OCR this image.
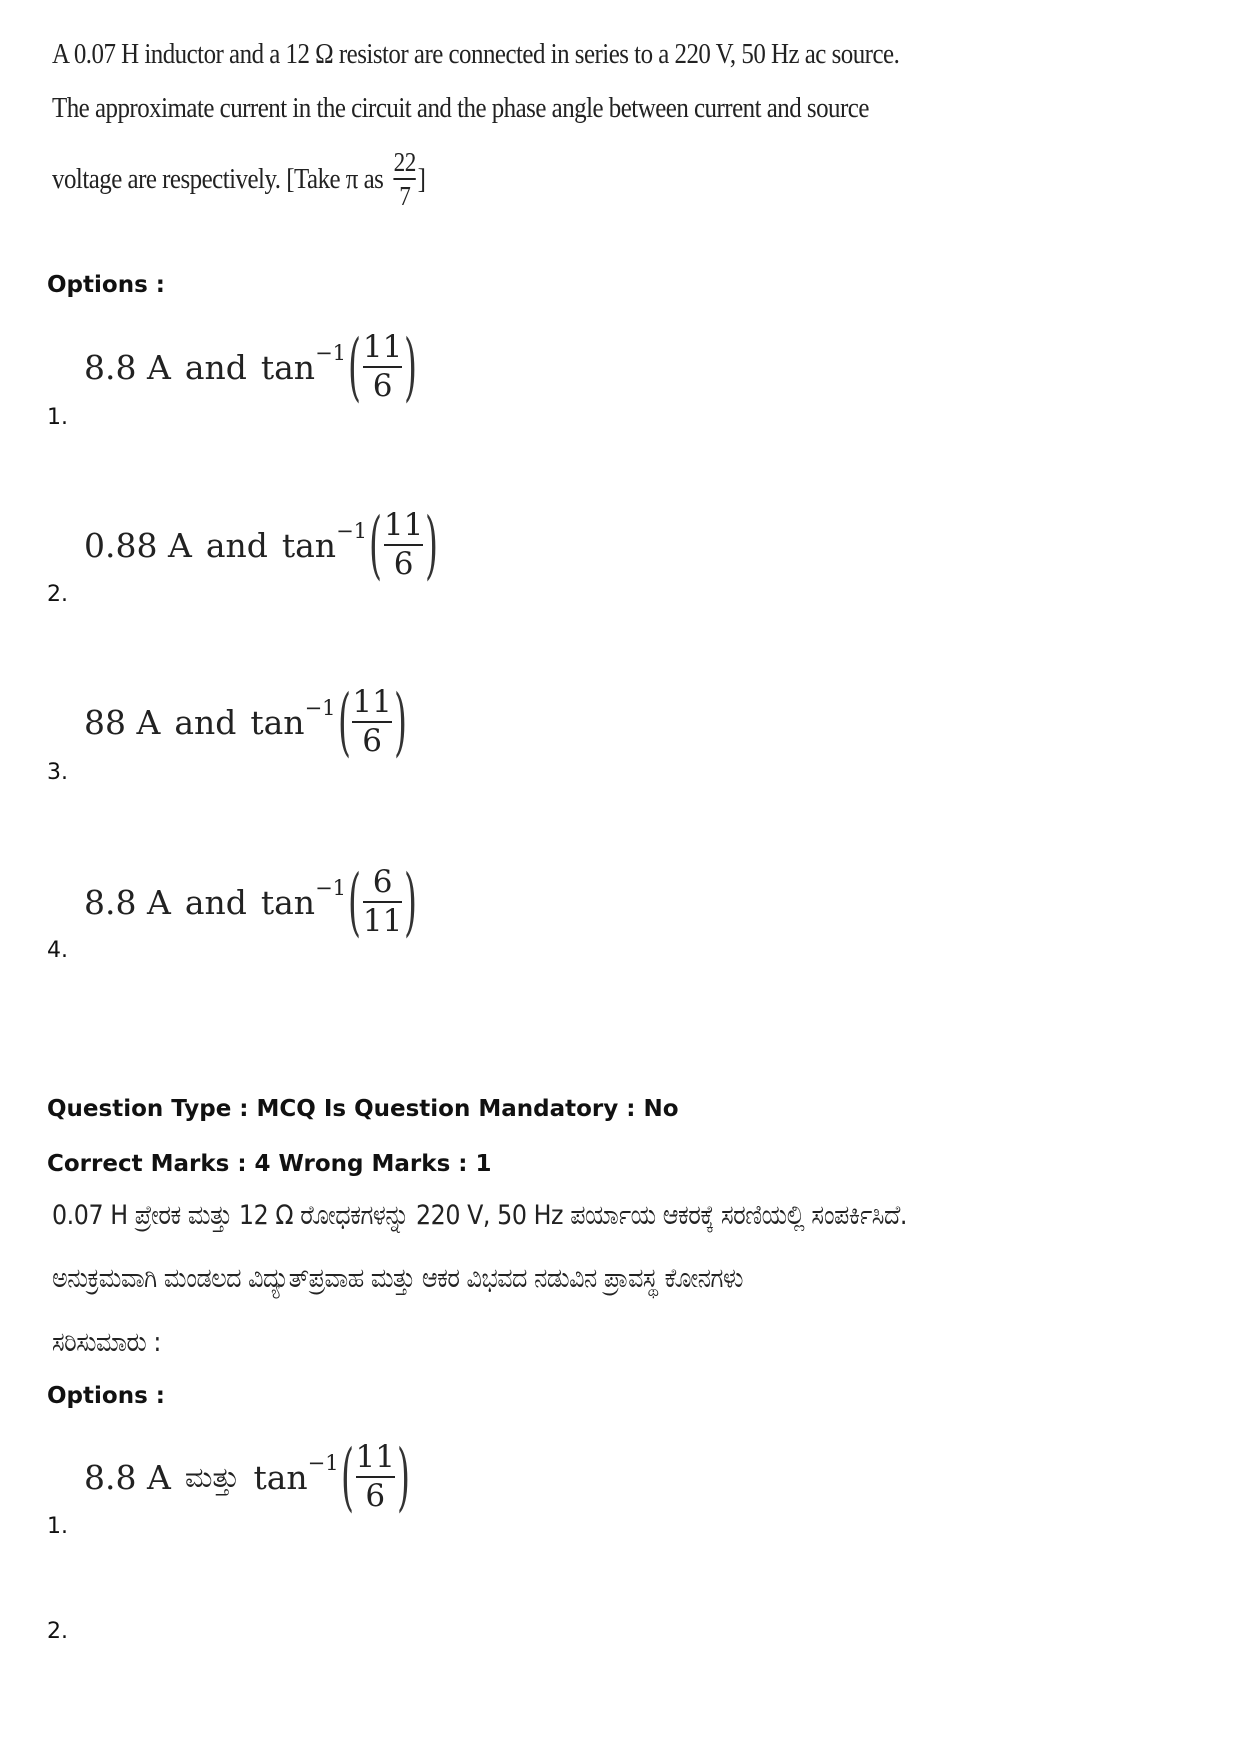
A 0.07 H inductor and a 12 Ω resistor are connected in series to a 220 V, 50 Hz ac source.
The approximate current in the circuit and the phase angle between current and source
voltage are respectively. [Take π as $\frac{22}{7}$ ]
Options :
8.8 A and tan −1 ( $\frac{11}{6}$ )
1.
0.88 A and tan −1 ( $\frac{11}{6}$ )
2.
88 A and tan −1 ( $\frac{11}{6}$ )
3.
8.8 A and tan −1 ( $\frac{6}{11}$ )
4.
Question Type : MCQ Is Question Mandatory : No
Correct Marks : 4 Wrong Marks : 1
0.07 H ಪ್ರೇರಕ ಮತ್ತು 12 Ω ರೋಧಕಗಳನ್ನು 220 V, 50 Hz ಪರ್ಯಾಯ ಆಕರಕ್ಕೆ ಸರಣಿಯಲ್ಲಿ ಸಂಪರ್ಕಿಸಿದೆ.
ಅನುಕ್ರಮವಾಗಿ ಮಂಡಲದ ವಿದ್ಯುತ್‌ಪ್ರವಾಹ ಮತ್ತು ಆಕರ ವಿಭವದ ನಡುವಿನ ಪ್ರಾವಸ್ಥ ಕೋನಗಳು
ಸರಿಸುಮಾರು :
Options :
8.8 A ಮತ್ತು tan −1 ( $\frac{11}{6}$ )
1.
2.
